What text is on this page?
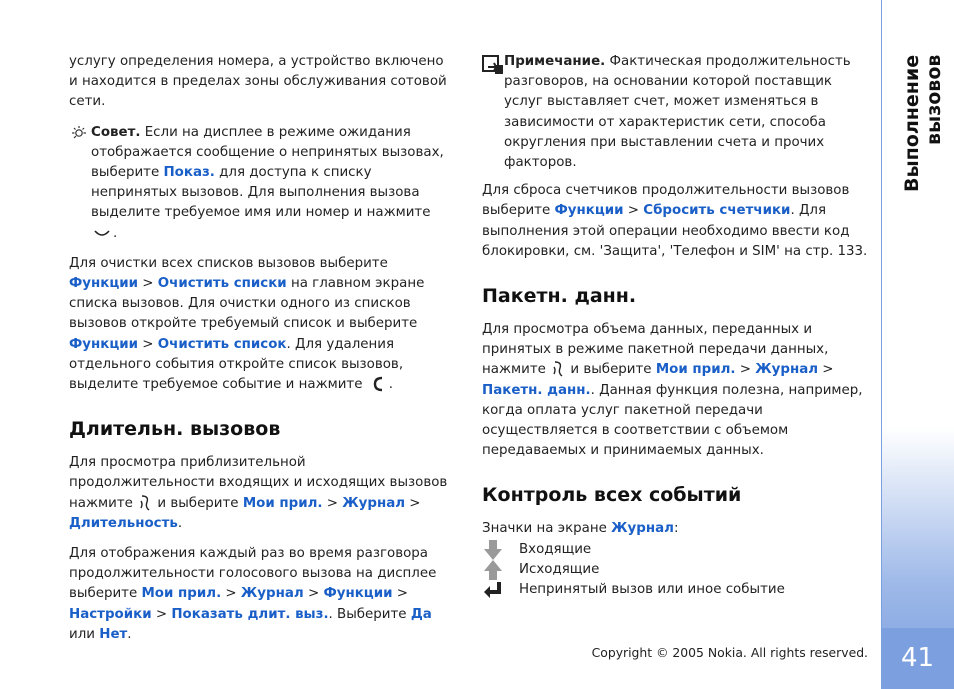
услугу определения номера, а устройство включено и находится в пределах зоны обслуживания сотовой сети.

Совет. Если на дисплее в режиме ожидания отображается сообщение о непринятых вызовах, выберите Показ. для доступа к списку непринятых вызовов. Для выполнения вызова выделите требуемое имя или номер и нажмите .

Для очистки всех списков вызовов выберите Функции > Очистить списки на главном экране списка вызовов. Для очистки одного из списков вызовов откройте требуемый список и выберите Функции > Очистить список. Для удаления отдельного события откройте список вызовов, выделите требуемое событие и нажмите .

Длительн. вызовов

Для просмотра приблизительной продолжительности входящих и исходящих вызовов нажмите  и выберите Мои прил. > Журнал > Длительность.

Для отображения каждый раз во время разговора продолжительности голосового вызова на дисплее выберите Мои прил. > Журнал > Функции > Настройки > Показать длит. выз.. Выберите Да или Нет.

Примечание. Фактическая продолжительность разговоров, на основании которой поставщик услуг выставляет счет, может изменяться в зависимости от характеристик сети, способа округления при выставлении счета и прочих факторов.

Для сброса счетчиков продолжительности вызовов выберите Функции > Сбросить счетчики. Для выполнения этой операции необходимо ввести код блокировки, см. 'Защита', 'Телефон и SIM' на стр. 133.

Пакетн. данн.

Для просмотра объема данных, переданных и принятых в режиме пакетной передачи данных, нажмите  и выберите Мои прил. > Журнал > Пакетн. данн.. Данная функция полезна, например, когда оплата услуг пакетной передачи осуществляется в соответствии с объемом передаваемых и принимаемых данных.

Контроль всех событий

Значки на экране Журнал:

Входящие
Исходящие
Непринятый вызов или иное событие
Выполнение вызовов
41
Copyright © 2005 Nokia. All rights reserved.
